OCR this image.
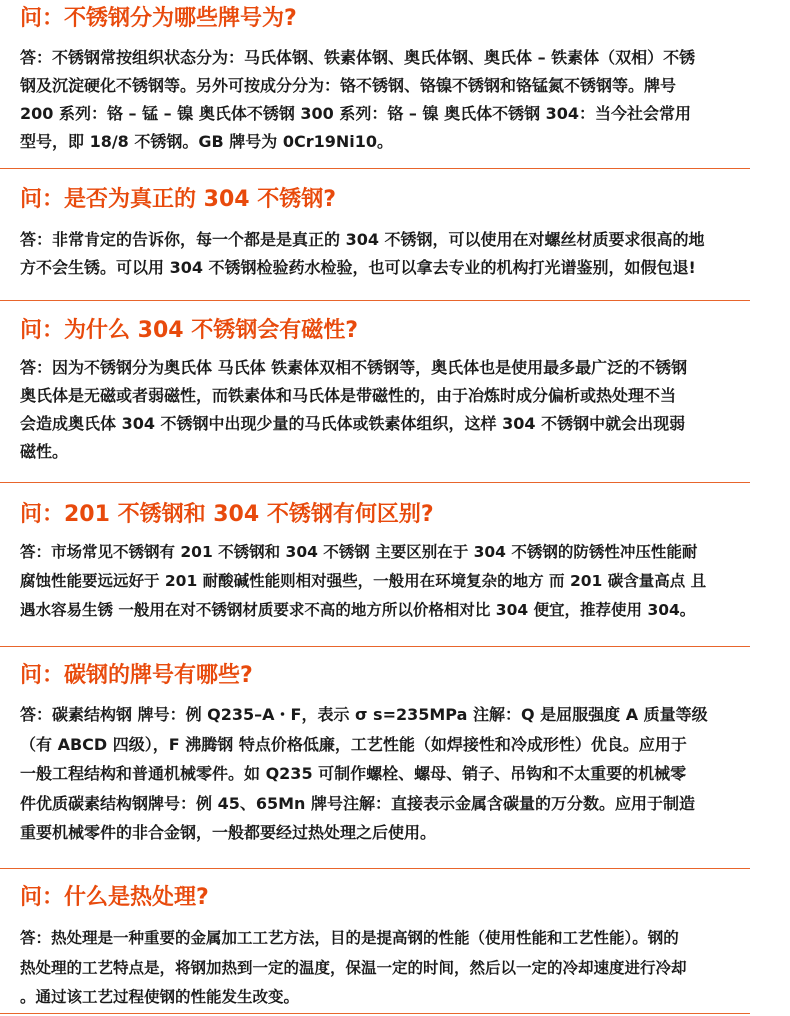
问：不锈钢分为哪些牌号为?
答：不锈钢常按组织状态分为：马氏体钢、铁素体钢、奥氏体钢、奥氏体 – 铁素体（双相）不锈
钢及沉淀硬化不锈钢等。另外可按成分分为：铬不锈钢、铬镍不锈钢和铬锰氮不锈钢等。牌号
200 系列：铬 – 锰 – 镍 奥氏体不锈钢 300 系列：铬 – 镍 奥氏体不锈钢 304：当今社会常用
型号，即 18/8 不锈钢。GB 牌号为 0Cr19Ni10。
问：是否为真正的 304 不锈钢?
答：非常肯定的告诉你，每一个都是是真正的 304 不锈钢，可以使用在对螺丝材质要求很高的地
方不会生锈。可以用 304 不锈钢检验药水检验，也可以拿去专业的机构打光谱鉴别，如假包退!
问：为什么 304 不锈钢会有磁性?
答：因为不锈钢分为奥氏体 马氏体 铁素体双相不锈钢等，奥氏体也是使用最多最广泛的不锈钢
奥氏体是无磁或者弱磁性，而铁素体和马氏体是带磁性的，由于冶炼时成分偏析或热处理不当
会造成奥氏体 304 不锈钢中出现少量的马氏体或铁素体组织，这样 304 不锈钢中就会出现弱
磁性。
问：201 不锈钢和 304 不锈钢有何区别?
答：市场常见不锈钢有 201 不锈钢和 304 不锈钢 主要区别在于 304 不锈钢的防锈性冲压性能耐
腐蚀性能要远远好于 201 耐酸碱性能则相对强些，一般用在环境复杂的地方 而 201 碳含量高点 且
遇水容易生锈 一般用在对不锈钢材质要求不高的地方所以价格相对比 304 便宜，推荐使用 304。
问：碳钢的牌号有哪些?
答：碳素结构钢 牌号：例 Q235–A・F，表示 σ s=235MPa 注解：Q 是屈服强度 A 质量等级
（有 ABCD 四级），F 沸腾钢 特点价格低廉，工艺性能（如焊接性和冷成形性）优良。应用于
一般工程结构和普通机械零件。如 Q235 可制作螺栓、螺母、销子、吊钩和不太重要的机械零
件优质碳素结构钢牌号：例 45、65Mn 牌号注解：直接表示金属含碳量的万分数。应用于制造
重要机械零件的非合金钢，一般都要经过热处理之后使用。
问：什么是热处理?
答：热处理是一种重要的金属加工工艺方法，目的是提高钢的性能（使用性能和工艺性能）。钢的
热处理的工艺特点是，将钢加热到一定的温度，保温一定的时间，然后以一定的冷却速度进行冷却
。通过该工艺过程使钢的性能发生改变。
